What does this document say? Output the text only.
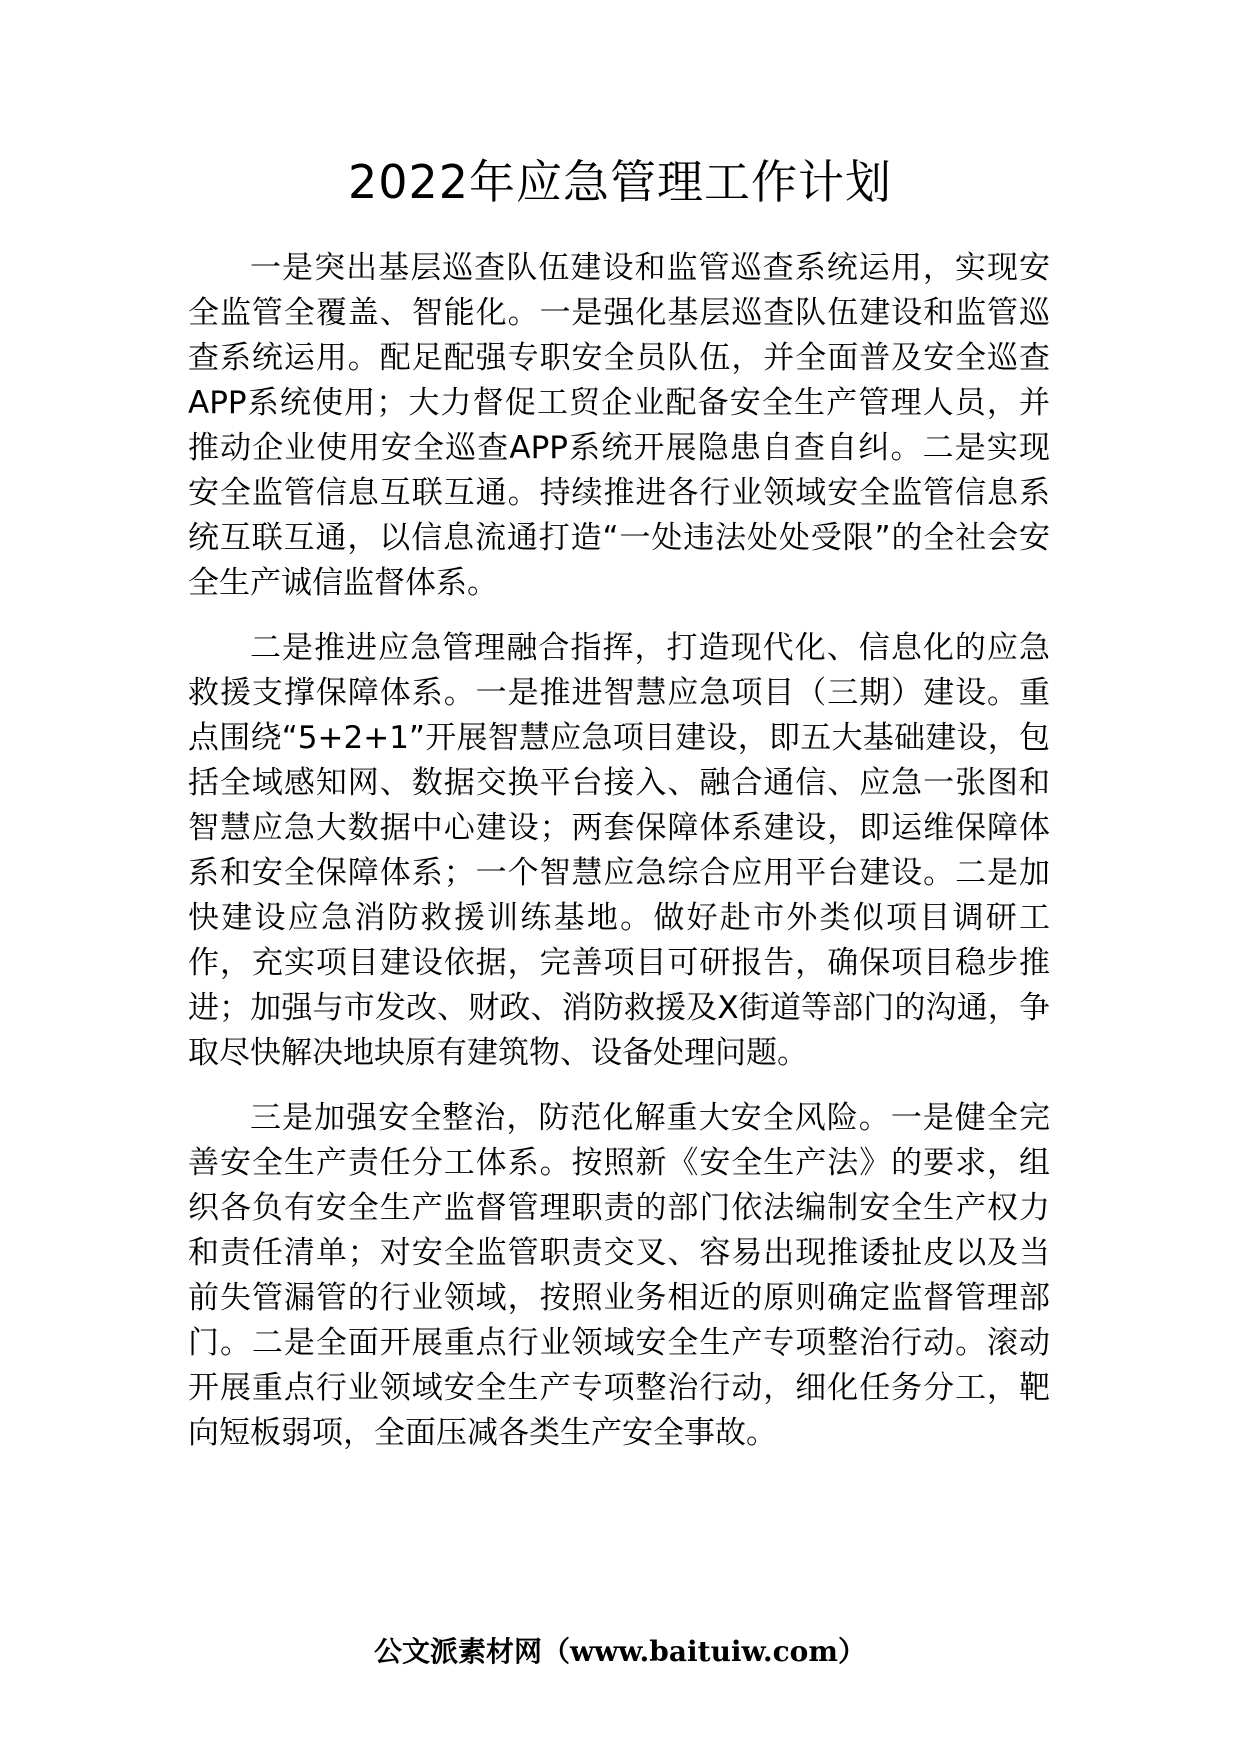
2022年应急管理工作计划

一是突出基层巡查队伍建设和监管巡查系统运用，实现安全监管全覆盖、智能化。一是强化基层巡查队伍建设和监管巡查系统运用。配足配强专职安全员队伍，并全面普及安全巡查APP系统使用；大力督促工贸企业配备安全生产管理人员，并推动企业使用安全巡查APP系统开展隐患自查自纠。二是实现安全监管信息互联互通。持续推进各行业领域安全监管信息系统互联互通，以信息流通打造“一处违法处处受限”的全社会安全生产诚信监督体系。

二是推进应急管理融合指挥，打造现代化、信息化的应急救援支撑保障体系。一是推进智慧应急项目（三期）建设。重点围绕“5+2+1”开展智慧应急项目建设，即五大基础建设，包括全域感知网、数据交换平台接入、融合通信、应急一张图和智慧应急大数据中心建设；两套保障体系建设，即运维保障体系和安全保障体系；一个智慧应急综合应用平台建设。二是加快建设应急消防救援训练基地。做好赴市外类似项目调研工作，充实项目建设依据，完善项目可研报告，确保项目稳步推进；加强与市发改、财政、消防救援及X街道等部门的沟通，争取尽快解决地块原有建筑物、设备处理问题。

三是加强安全整治，防范化解重大安全风险。一是健全完善安全生产责任分工体系。按照新《安全生产法》的要求，组织各负有安全生产监督管理职责的部门依法编制安全生产权力和责任清单；对安全监管职责交叉、容易出现推诿扯皮以及当前失管漏管的行业领域，按照业务相近的原则确定监督管理部门。二是全面开展重点行业领域安全生产专项整治行动。滚动开展重点行业领域安全生产专项整治行动，细化任务分工，靶向短板弱项，全面压减各类生产安全事故。

公文派素材网（www.baituiw.com）
